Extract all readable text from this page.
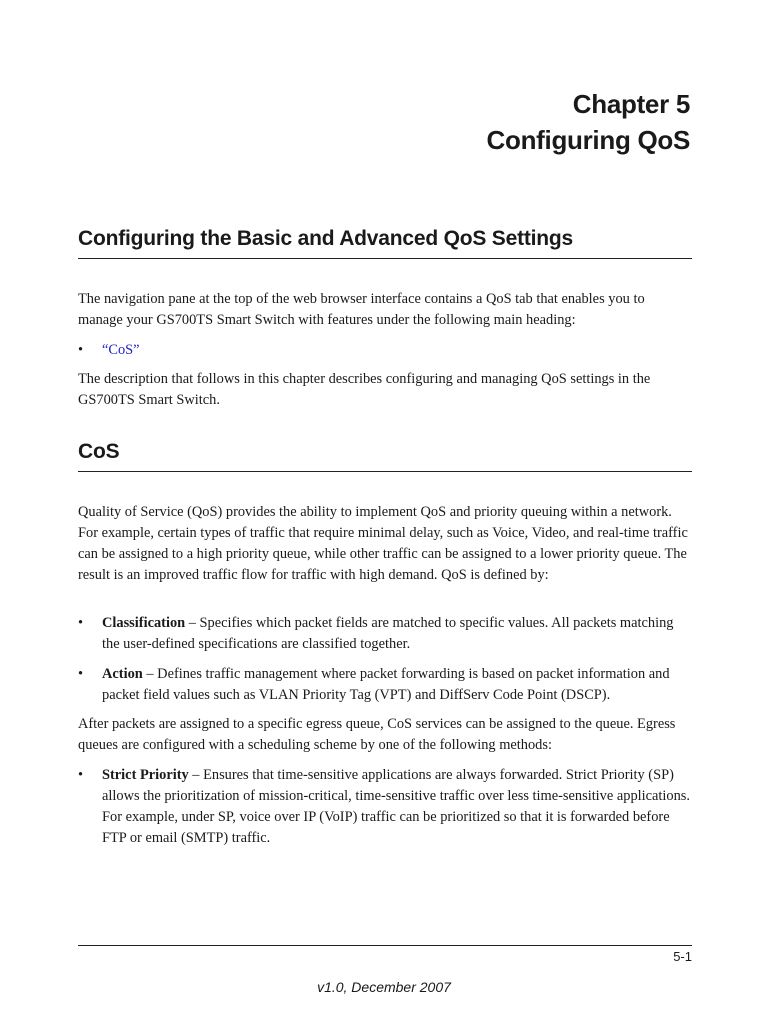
Chapter 5
Configuring QoS
Configuring the Basic and Advanced QoS Settings
The navigation pane at the top of the web browser interface contains a QoS tab that enables you to manage your GS700TS Smart Switch with features under the following main heading:
•	“CoS”
The description that follows in this chapter describes configuring and managing QoS settings in the GS700TS Smart Switch.
CoS
Quality of Service (QoS) provides the ability to implement QoS and priority queuing within a network. For example, certain types of traffic that require minimal delay, such as Voice, Video, and real-time traffic can be assigned to a high priority queue, while other traffic can be assigned to a lower priority queue. The result is an improved traffic flow for traffic with high demand. QoS is defined by:
•	Classification – Specifies which packet fields are matched to specific values. All packets matching the user-defined specifications are classified together.
•	Action – Defines traffic management where packet forwarding is based on packet information and packet field values such as VLAN Priority Tag (VPT) and DiffServ Code Point (DSCP).
After packets are assigned to a specific egress queue, CoS services can be assigned to the queue. Egress queues are configured with a scheduling scheme by one of the following methods:
•	Strict Priority – Ensures that time-sensitive applications are always forwarded. Strict Priority (SP) allows the prioritization of mission-critical, time-sensitive traffic over less time-sensitive applications. For example, under SP, voice over IP (VoIP) traffic can be prioritized so that it is forwarded before FTP or email (SMTP) traffic.
5-1
v1.0, December 2007
